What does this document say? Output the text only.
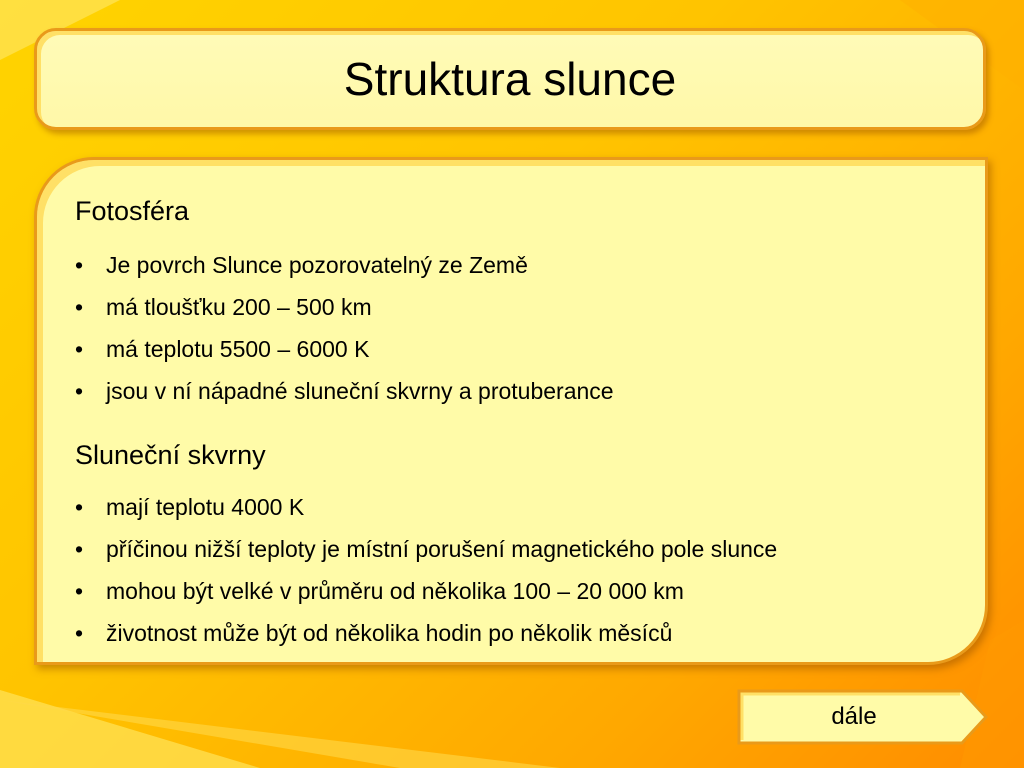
Struktura slunce
Fotosféra
• Je povrch Slunce pozorovatelný ze Země
• má tloušťku 200 – 500 km
• má teplotu 5500 – 6000 K
• jsou v ní nápadné sluneční skvrny a protuberance
Sluneční skvrny
• mají teplotu 4000 K
• příčinou nižší teploty je místní porušení magnetického pole slunce
• mohou být velké v průměru od několika 100 – 20 000 km
• životnost může být od několika hodin po několik měsíců
dále
